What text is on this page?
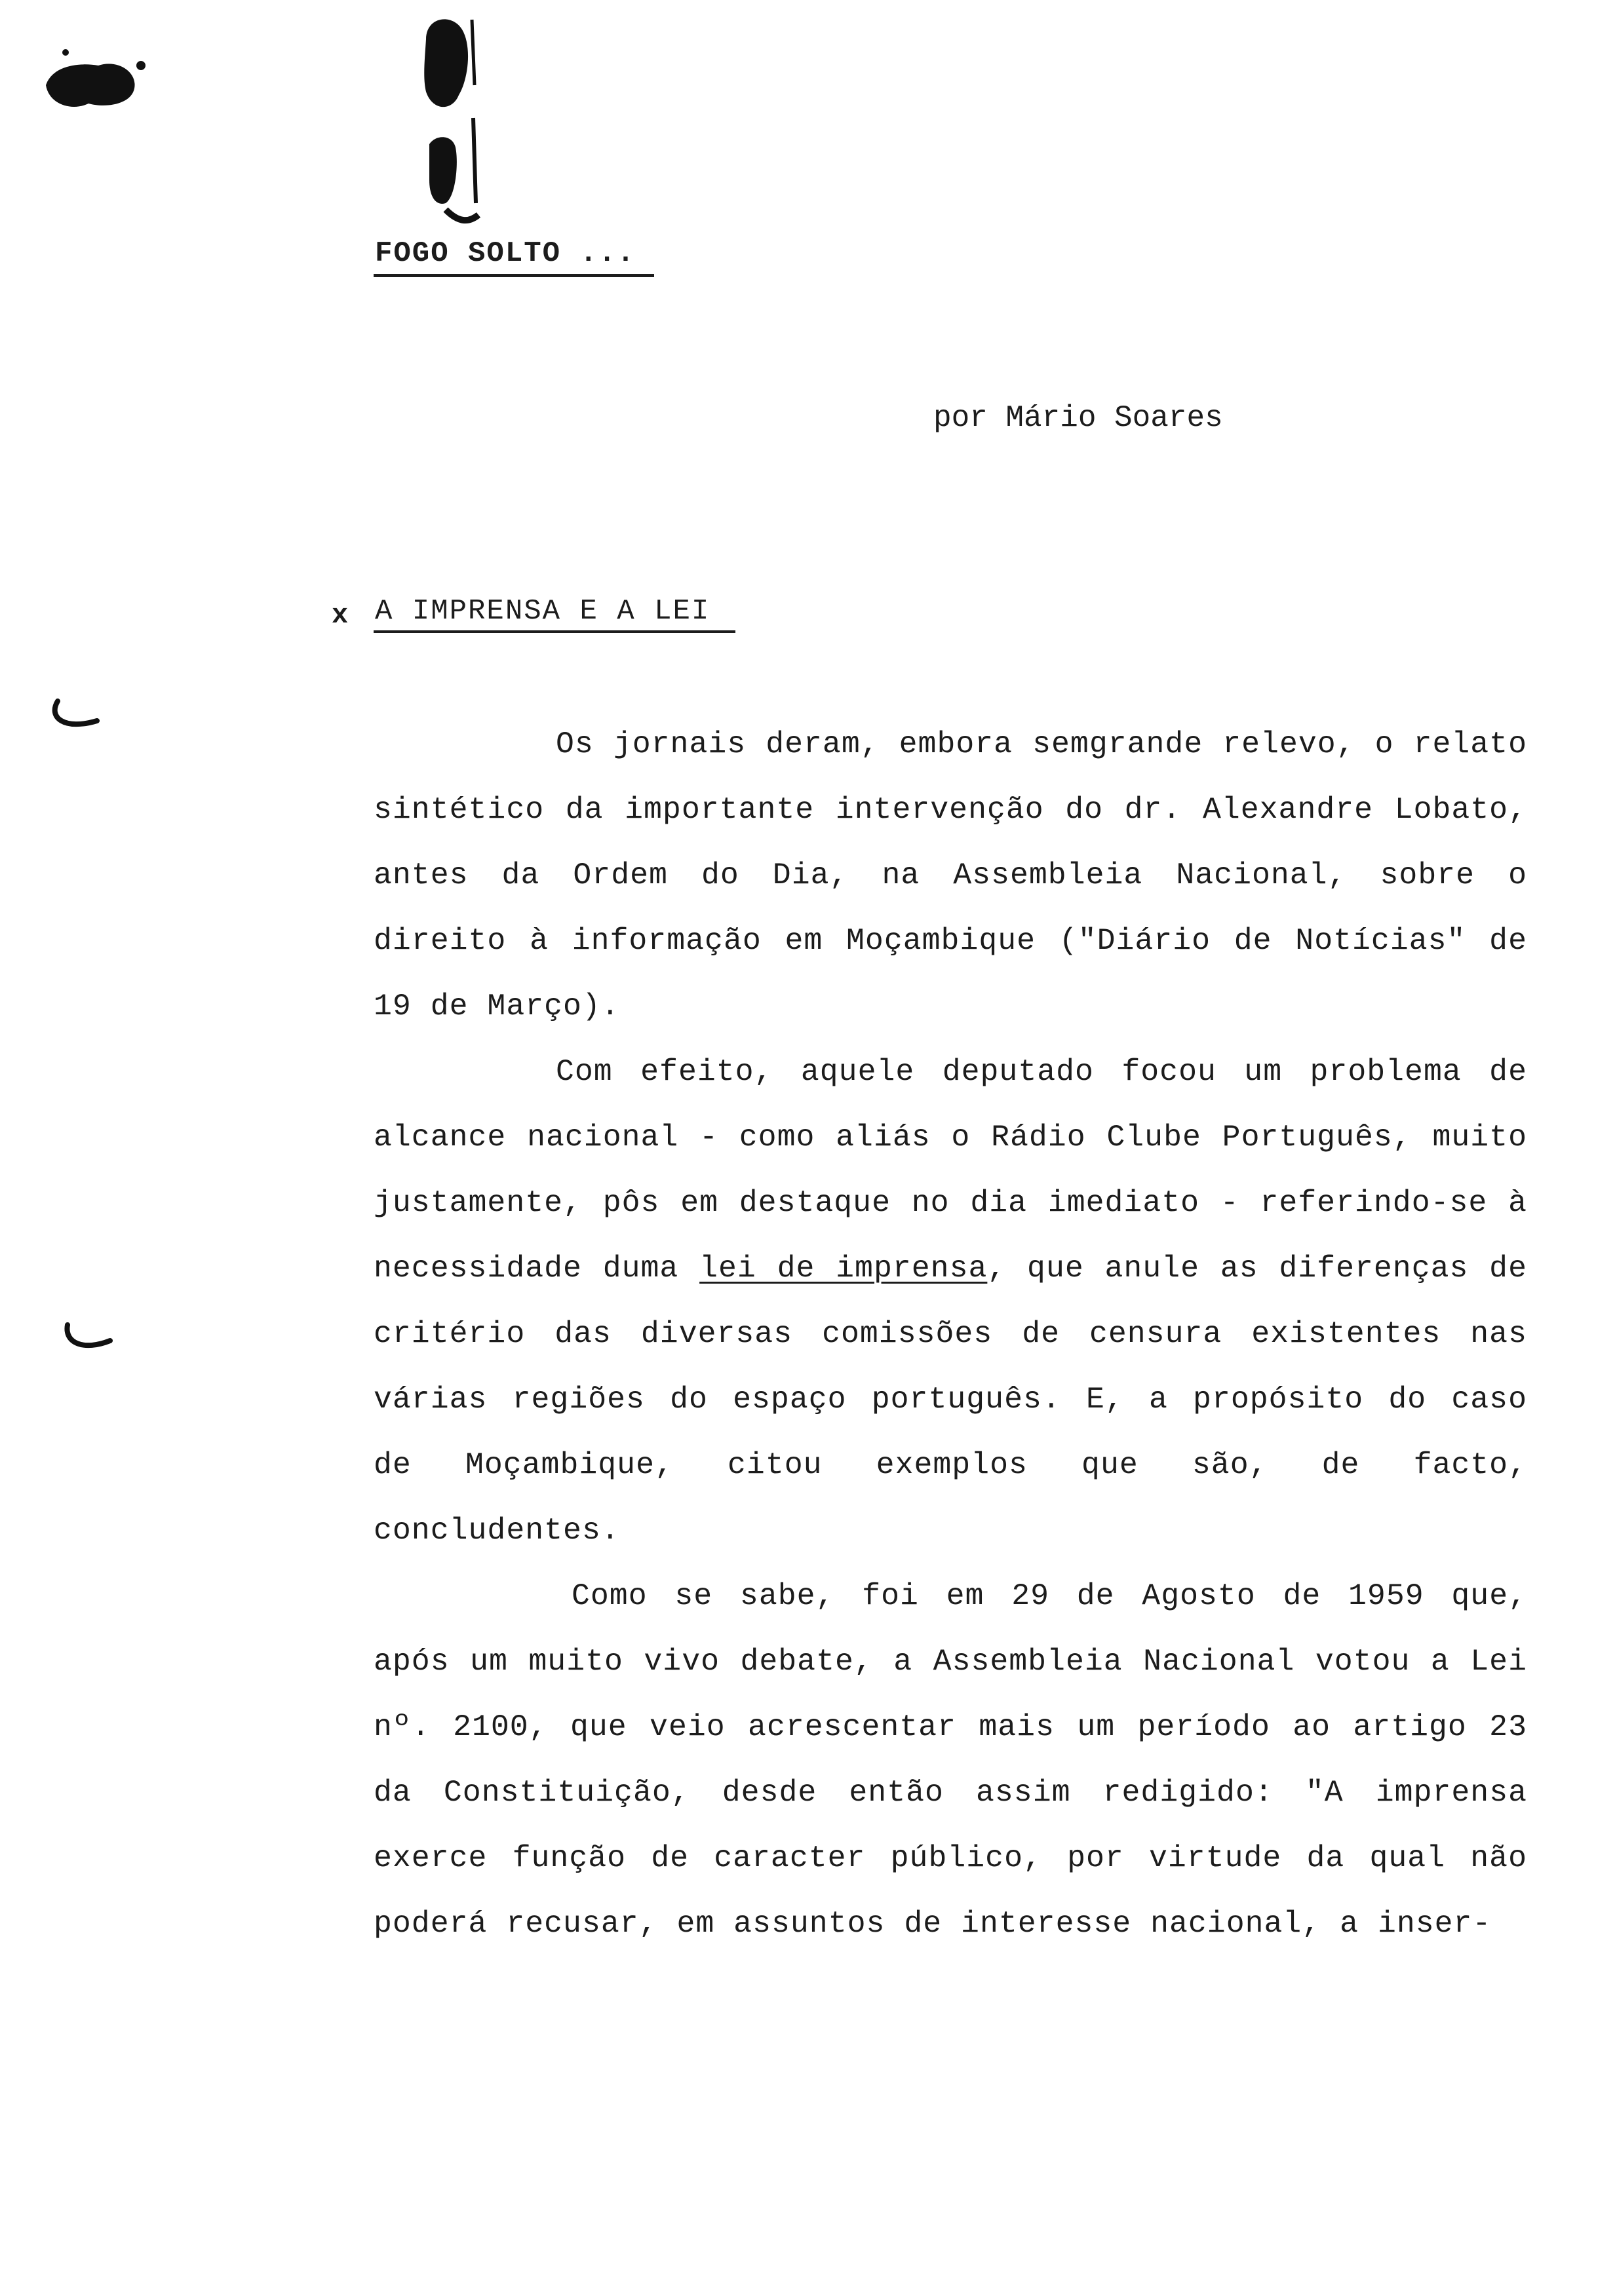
FOGO SOLTO ...
por Mário Soares
x A IMPRENSA E A LEI

Os jornais deram, embora semgrande relevo, o relato sintético da importante intervenção do dr. Alexandre Lobato, antes da Ordem do Dia, na Assembleia Nacional, sobre o direito à informação em Moçambique ("Diário de Notícias" de 19 de Março).

Com efeito, aquele deputado focou um problema de alcance nacional - como aliás o Rádio Clube Português, muito justamente, pôs em destaque no dia imediato - referindo-se à necessidade duma lei de imprensa, que anule as diferenças de critério das diversas comissões de censura existentes nas várias regiões do espaço português. E, a propósito do caso de Moçambique, citou exemplos que são, de facto, concludentes.

Como se sabe, foi em 29 de Agosto de 1959 que, após um muito vivo debate, a Assembleia Nacional votou a Lei nº. 2100, que veio acrescentar mais um período ao artigo 23 da Constituição, desde então assim redigido: "A imprensa exerce função de caracter público, por virtude da qual não poderá recusar, em assuntos de interesse nacional, a inser-
